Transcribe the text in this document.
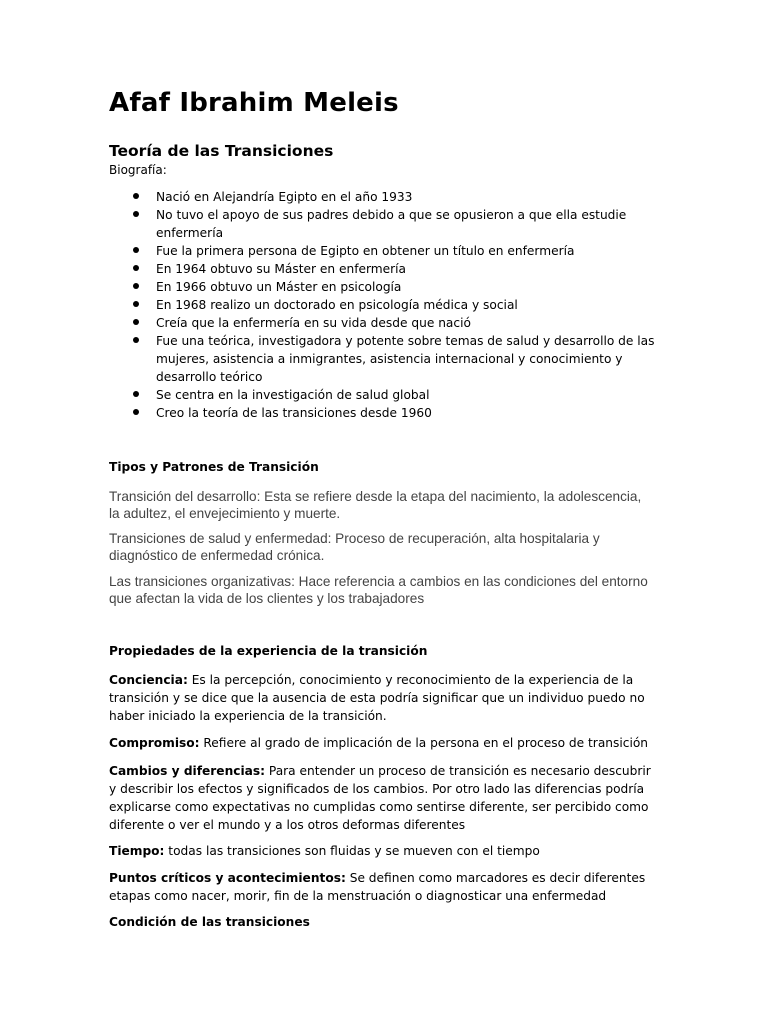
Afaf Ibrahim Meleis
Teoría de las Transiciones

Biografía:

Nació en Alejandría Egipto en el año 1933
No tuvo el apoyo de sus padres debido a que se opusieron a que ella estudie enfermería
Fue la primera persona de Egipto en obtener un título en enfermería
En 1964 obtuvo su Máster en enfermería
En 1966 obtuvo un Máster en psicología
En 1968 realizo un doctorado en psicología médica y social
Creía que la enfermería en su vida desde que nació
Fue una teórica, investigadora y potente sobre temas de salud y desarrollo de las mujeres, asistencia a inmigrantes, asistencia internacional y conocimiento y desarrollo teórico
Se centra en la investigación de salud global
Creo la teoría de las transiciones desde 1960

Tipos y Patrones de Transición

Transición del desarrollo: Esta se refiere desde la etapa del nacimiento, la adolescencia, la adultez, el envejecimiento y muerte.

Transiciones de salud y enfermedad: Proceso de recuperación, alta hospitalaria y diagnóstico de enfermedad crónica.

Las transiciones organizativas: Hace referencia a cambios en las condiciones del entorno que afectan la vida de los clientes y los trabajadores

Propiedades de la experiencia de la transición

Conciencia: Es la percepción, conocimiento y reconocimiento de la experiencia de la transición y se dice que la ausencia de esta podría significar que un individuo puedo no haber iniciado la experiencia de la transición.

Compromiso: Refiere al grado de implicación de la persona en el proceso de transición

Cambios y diferencias: Para entender un proceso de transición es necesario descubrir y describir los efectos y significados de los cambios. Por otro lado las diferencias podría explicarse como expectativas no cumplidas como sentirse diferente, ser percibido como diferente o ver el mundo y a los otros deformas diferentes

Tiempo: todas las transiciones son fluidas y se mueven con el tiempo

Puntos críticos y acontecimientos: Se definen como marcadores es decir diferentes etapas como nacer, morir, fin de la menstruación o diagnosticar una enfermedad

Condición de las transiciones
